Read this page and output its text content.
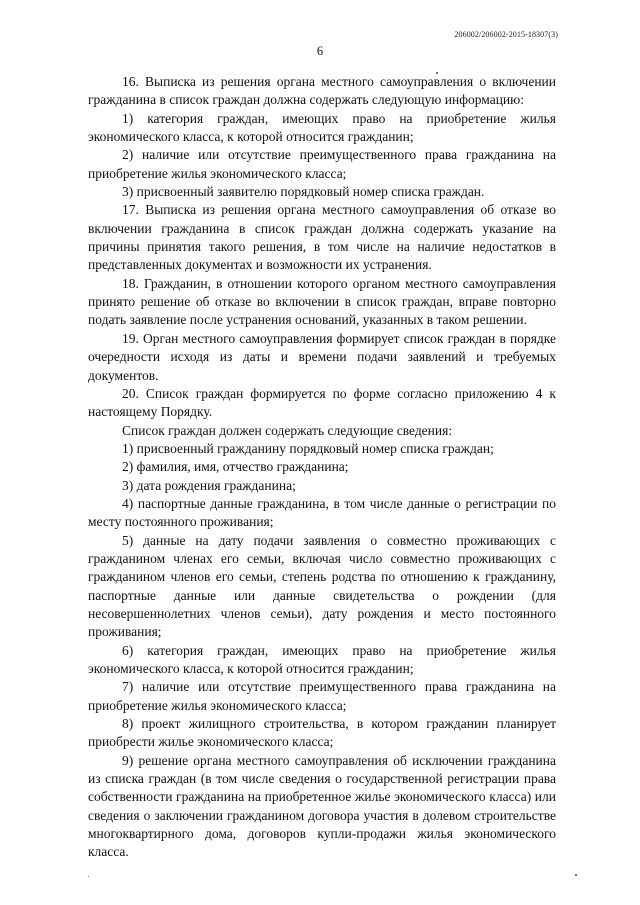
206002/206002-2015-18307(3)
6

16. Выписка из решения органа местного самоуправления о включении гражданина в список граждан должна содержать следующую информацию:

1) категория граждан, имеющих право на приобретение жилья экономического класса, к которой относится гражданин;

2) наличие или отсутствие преимущественного права гражданина на приобретение жилья экономического класса;

3) присвоенный заявителю порядковый номер списка граждан.

17. Выписка из решения органа местного самоуправления об отказе во включении гражданина в список граждан должна содержать указание на причины принятия такого решения, в том числе на наличие недостатков в представленных документах и возможности их устранения.

18. Гражданин, в отношении которого органом местного самоуправления принято решение об отказе во включении в список граждан, вправе повторно подать заявление после устранения оснований, указанных в таком решении.

19. Орган местного самоуправления формирует список граждан в порядке очередности исходя из даты и времени подачи заявлений и требуемых документов.

20. Список граждан формируется по форме согласно приложению 4 к настоящему Порядку.

Список граждан должен содержать следующие сведения:

1) присвоенный гражданину порядковый номер списка граждан;

2) фамилия, имя, отчество гражданина;

3) дата рождения гражданина;

4) паспортные данные гражданина, в том числе данные о регистрации по месту постоянного проживания;

5) данные на дату подачи заявления о совместно проживающих с гражданином членах его семьи, включая число совместно проживающих с гражданином членов его семьи, степень родства по отношению к гражданину, паспортные данные или данные свидетельства о рождении (для несовершеннолетних членов семьи), дату рождения и место постоянного проживания;

6) категория граждан, имеющих право на приобретение жилья экономического класса, к которой относится гражданин;

7) наличие или отсутствие преимущественного права гражданина на приобретение жилья экономического класса;

8) проект жилищного строительства, в котором гражданин планирует приобрести жилье экономического класса;

9) решение органа местного самоуправления об исключении гражданина из списка граждан (в том числе сведения о государственной регистрации права собственности гражданина на приобретенное жилье экономического класса) или сведения о заключении гражданином договора участия в долевом строительстве многоквартирного дома, договоров купли-продажи жилья экономического класса.
